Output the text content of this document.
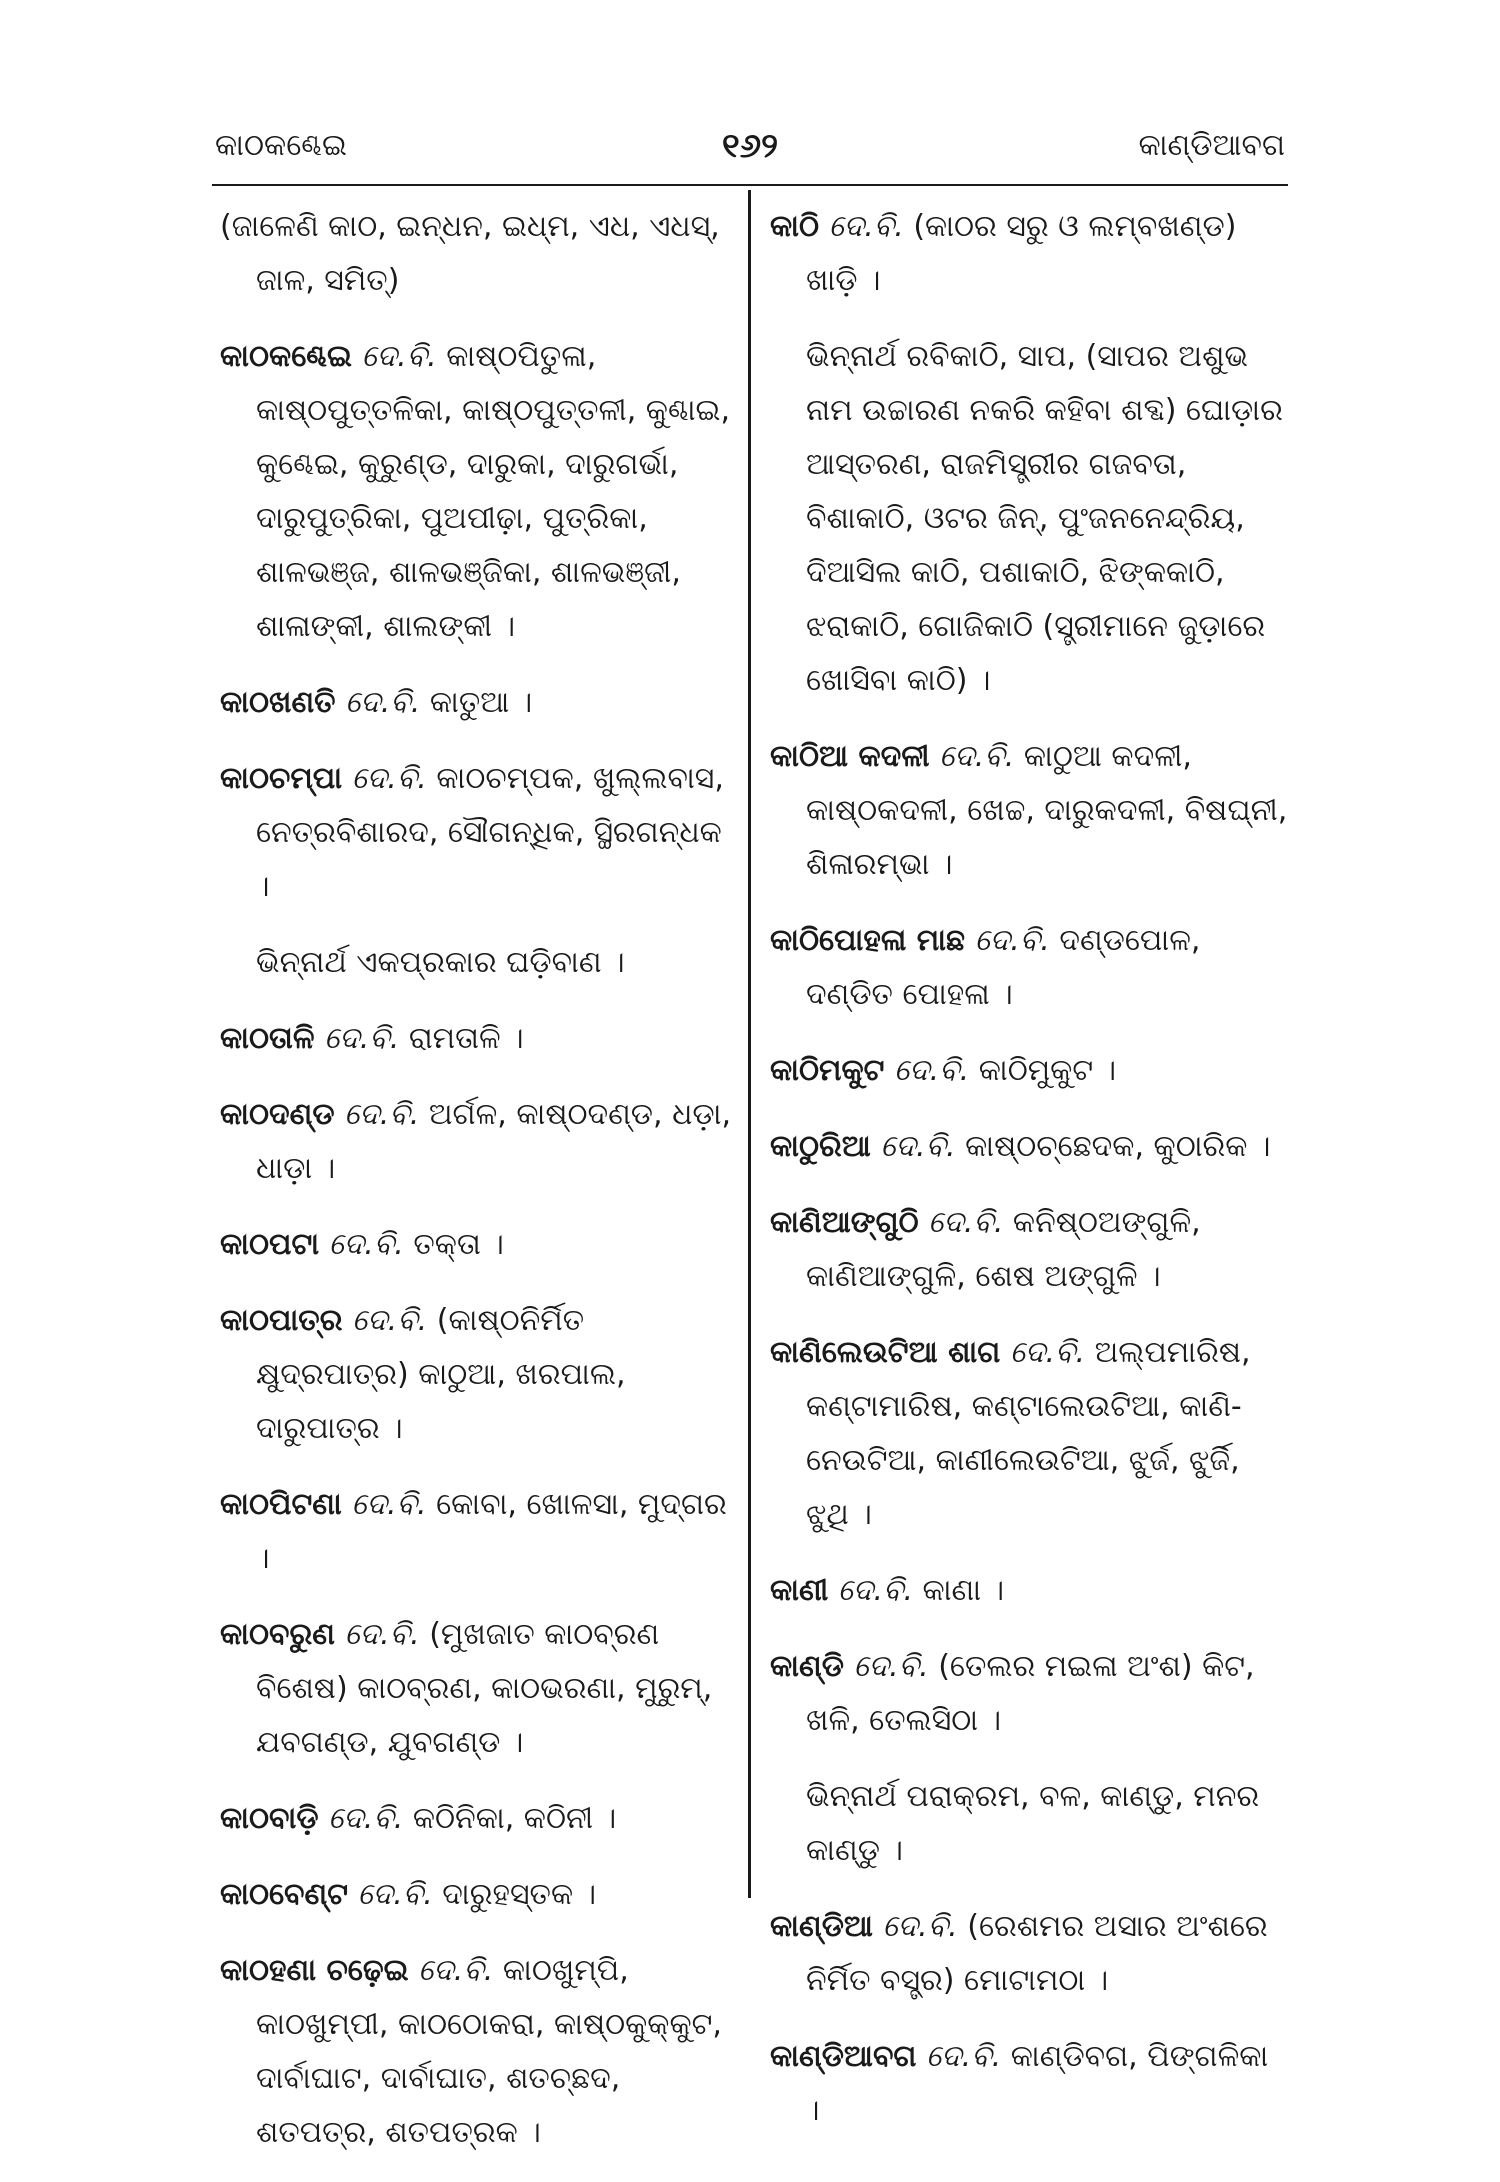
କାଠକଣ୍ଢେଇ	୧୬୨	କାଣ୍ଡିଆବଗ
(ଜାଳେଣି କାଠ, ଇନ୍ଧନ, ଇଧ୍ମ, ଏଧ, ଏଧସ୍, ଜାଳ, ସମିତ୍)
କାଠକଣ୍ଢେଇ ଦେ.ବି. କାଷ୍ଠପିତୁଳା, କାଷ୍ଠପୁତ୍ତଳିକା, କାଷ୍ଠପୁତ୍ତଳୀ, କୁଣ୍ଢାଇ, କୁଣ୍ଢେଇ, କୁରୁଣ୍ଡ, ଦାରୁକା, ଦାରୁଗର୍ଭା, ଦାରୁପୁତ୍ରିକା, ପୁଅପୀଢ଼ା, ପୁତ୍ରିକା, ଶାଳଭଞ୍ଜ, ଶାଳଭଞ୍ଜିକା, ଶାଳଭଞ୍ଜୀ, ଶାଳାଙ୍କୀ, ଶାଲଙ୍କୀ ।
କାଠଖଣତି ଦେ.ବି. କାତୁଆ ।
କାଠଚମ୍ପା ଦେ.ବି. କାଠଚମ୍ପକ, ଖୁଲ୍ଲବାସ, ନେତ୍ରବିଶାରଦ, ସୌଗନ୍ଧିକ, ସ୍ଥିରଗନ୍ଧକ ।
ଭିନ୍ନାର୍ଥ ଏକପ୍ରକାର ଘଡ଼ିବାଣ ।
କାଠତାଳି ଦେ.ବି. ରାମତାଳି ।
କାଠଦଣ୍ଡ ଦେ.ବି. ଅର୍ଗଳ, କାଷ୍ଠଦଣ୍ଡ, ଧଡ଼ା, ଧାଡ଼ା ।
କାଠପଟା ଦେ.ବି. ତକ୍ତା ।
କାଠପାତ୍ର ଦେ.ବି. (କାଷ୍ଠନିର୍ମିତ କ୍ଷୁଦ୍ରପାତ୍ର) କାଠୁଆ, ଖରପାଲ, ଦାରୁପାତ୍ର ।
କାଠପିଟଣା ଦେ.ବି. କୋବା, ଖୋଳସା, ମୁଦ୍ଗର ।
କାଠବରୁଣ ଦେ.ବି. (ମୁଖଜାତ କାଠବ୍ରଣ ବିଶେଷ) କାଠବ୍ରଣ, କାଠଭରଣା, ମୁରୁମ୍, ଯବଗଣ୍ଡ, ଯୁବଗଣ୍ଡ ।
କାଠବାଡ଼ି ଦେ.ବି. କଠିନିକା, କଠିନୀ ।
କାଠବେଣ୍ଟ ଦେ.ବି. ଦାରୁହସ୍ତକ ।
କାଠହଣା ଚଢ଼େଇ ଦେ.ବି. କାଠଖୁମ୍ପି, କାଠଖୁମ୍ପୀ, କାଠଠୋକରା, କାଷ୍ଠକୁକ୍କୁଟ, ଦାର୍ବାଘାଟ, ଦାର୍ବାଘାତ, ଶତଚ୍ଛଦ, ଶତପତ୍ର, ଶତପତ୍ରକ ।
କାଠି ଦେ.ବି. (କାଠର ସରୁ ଓ ଲମ୍ବଖଣ୍ଡ) ଖାଡ଼ି ।
ଭିନ୍ନାର୍ଥ ରବିକାଠି, ସାପ, (ସାପର ଅଶୁଭ ନାମ ଉଚ୍ଚାରଣ ନକରି କହିବା ଶବ୍ଦ) ଘୋଡ଼ାର ଆସ୍ତରଣ, ରାଜମିସ୍ତ୍ରୀର ଗଜବତା, ବିଶାକାଠି, ଓଟର ଜିନ୍, ପୁଂଜନନେନ୍ଦ୍ରିୟ, ଦିଆସିଲ କାଠି, ପଶାକାଠି, ଝିଙ୍କକାଠି, ଝରାକାଠି, ଗୋଜିକାଠି (ସ୍ତ୍ରୀମାନେ ଜୁଡ଼ାରେ ଖୋସିବା କାଠି) ।
କାଠିଆ କଦଳୀ ଦେ.ବି. କାଠୁଆ କଦଳୀ, କାଷ୍ଠକଦଳୀ, ଖେଚ୍ଚ, ଦାରୁକଦଳୀ, ବିଷଘ୍ନୀ, ଶିଳାରମ୍ଭା ।
କାଠିପୋହଳା ମାଛ ଦେ.ବି. ଦଣ୍ଡପୋଳ, ଦଣ୍ଡିତ ପୋହଳା ।
କାଠିମକୁଟ ଦେ.ବି. କାଠିମୁକୁଟ ।
କାଠୁରିଆ ଦେ.ବି. କାଷ୍ଠଚ୍ଛେଦକ, କୁଠାରିକ ।
କାଣିଆଙ୍ଗୁଠି ଦେ.ବି. କନିଷ୍ଠଅଙ୍ଗୁଳି, କାଣିଆଙ୍ଗୁଳି, ଶେଷ ଅଙ୍ଗୁଳି ।
କାଣିଲେଉଟିଆ ଶାଗ ଦେ.ବି. ଅଲ୍ପମାରିଷ, କଣ୍ଟାମାରିଷ, କଣ୍ଟାଲେଉଟିଆ, କାଣି-ନେଉଟିଆ, କାଣୀଲେଉଟିଆ, ଝୁର୍ଜ, ଝୁର୍ଜି, ଝୁଥି ।
କାଣୀ ଦେ.ବି. କାଣା ।
କାଣ୍ଡି ଦେ.ବି. (ତେଲର ମଇଳା ଅଂଶ) କିଟ, ଖଳି, ତେଲସିଠା ।
ଭିନ୍ନାର୍ଥ ପରାକ୍ରମ, ବଳ, କାଣ୍ଡୁ, ମନର କାଣ୍ଡୁ ।
କାଣ୍ଡିଆ ଦେ.ବି. (ରେଶମର ଅସାର ଅଂଶରେ ନିର୍ମିତ ବସ୍ତ୍ର) ମୋଟାମଠା ।
କାଣ୍ଡିଆବଗ ଦେ.ବି. କାଣ୍ଡିବଗ, ପିଙ୍ଗଳିକା ।
